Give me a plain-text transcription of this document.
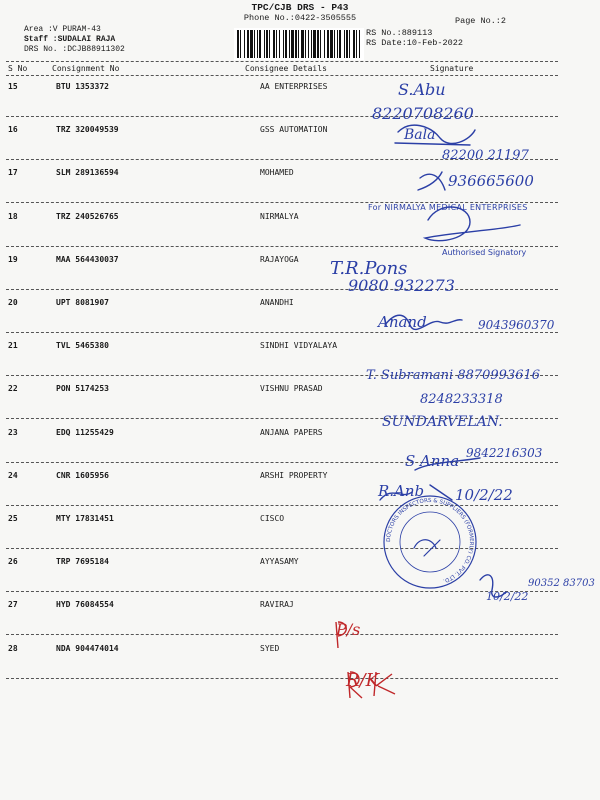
TPC/CJB DRS - P43
Phone No.:0422-3505555	Page No.:2
Area :V PURAM-43
Staff :SUDALAI RAJA
DRS No. :DCJB88911302
RS No.:889113
RS Date:10-Feb-2022
S No	Consignment No	Consignee Details	Signature
15	BTU 1353372	AA ENTERPRISES
16	TRZ 320049539	GSS AUTOMATION
17	SLM 289136594	MOHAMED
18	TRZ 240526765	NIRMALYA
19	MAA 564430037	RAJAYOGA
20	UPT 8081907	ANANDHI
21	TVL 5465380	SINDHI VIDYALAYA
22	PON 5174253	VISHNU PRASAD
23	EDQ 11255429	ANJANA PAPERS
24	CNR 1605956	ARSHI PROPERTY
25	MTY 17831451	CISCO
26	TRP 7695184	AYYASAMY
27	HYD 76084554	RAVIRAJ
28	NDA 904474014	SYED
DOCTORS INSPECTORS & SUPPLIERS (FORMERLY) CO. PVT. LTD.
S.Abu
8220708260
Bala
82200 21197
936665600
For NIRMALYA MEDICAL ENTERPRISES
Authorised Signatory
T.R.Pons
9080 932273
Anand	9043960370
T. Subramani 8870993616
8248233318
SUNDARVELAN.
S Anna 9842216303
R.Anb 10/2/22
10/2/22
90352 83703
P/s
R/K
